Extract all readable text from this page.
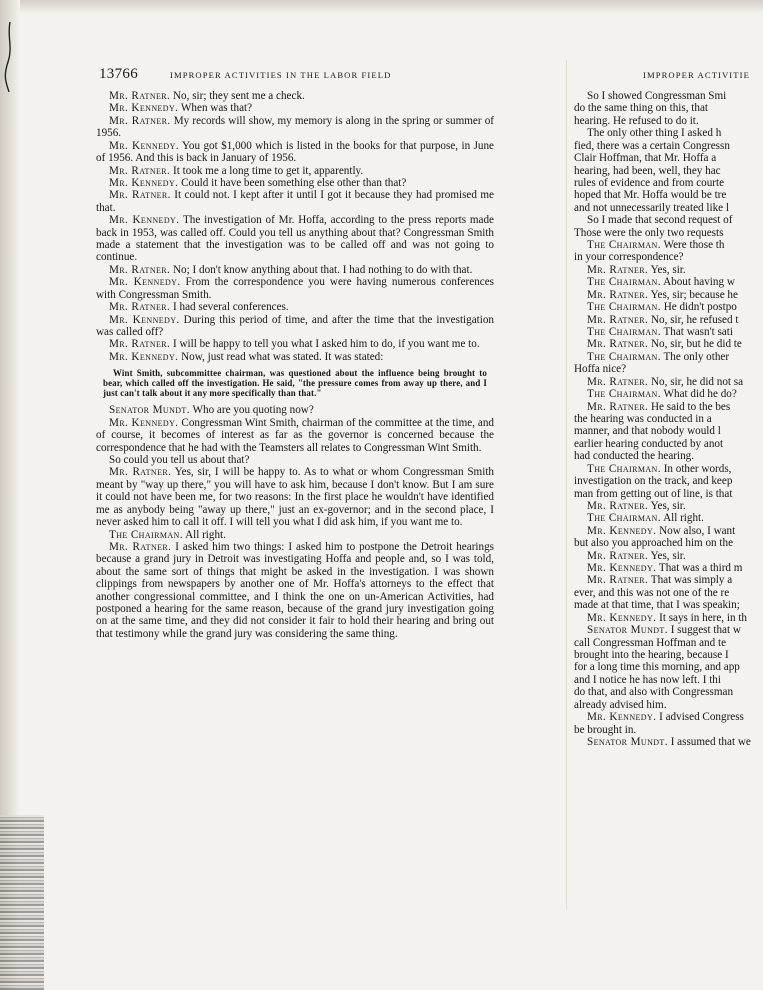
13766	IMPROPER ACTIVITIES IN THE LABOR FIELD	IMPROPER ACTIVITIE

Mr. Ratner. No, sir; they sent me a check.

Mr. Kennedy. When was that?

Mr. Ratner. My records will show, my memory is along in the spring or summer of 1956.

Mr. Kennedy. You got $1,000 which is listed in the books for that purpose, in June of 1956. And this is back in January of 1956.

Mr. Ratner. It took me a long time to get it, apparently.

Mr. Kennedy. Could it have been something else other than that?

Mr. Ratner. It could not. I kept after it until I got it because they had promised me that.

Mr. Kennedy. The investigation of Mr. Hoffa, according to the press reports made back in 1953, was called off. Could you tell us anything about that? Congressman Smith made a statement that the investigation was to be called off and was not going to continue.

Mr. Ratner. No; I don't know anything about that. I had nothing to do with that.

Mr. Kennedy. From the correspondence you were having numerous conferences with Congressman Smith.

Mr. Ratner. I had several conferences.

Mr. Kennedy. During this period of time, and after the time that the investigation was called off?

Mr. Ratner. I will be happy to tell you what I asked him to do, if you want me to.

Mr. Kennedy. Now, just read what was stated. It was stated:

Wint Smith, subcommittee chairman, was questioned about the influence being brought to bear, which called off the investigation. He said, "the pressure comes from away up there, and I just can't talk about it any more specifically than that."

Senator Mundt. Who are you quoting now?

Mr. Kennedy. Congressman Wint Smith, chairman of the committee at the time, and of course, it becomes of interest as far as the governor is concerned because the correspondence that he had with the Teamsters all relates to Congressman Wint Smith.

So could you tell us about that?

Mr. Ratner. Yes, sir, I will be happy to. As to what or whom Congressman Smith meant by "way up there," you will have to ask him, because I don't know. But I am sure it could not have been me, for two reasons: In the first place he wouldn't have identified me as anybody being "away up there," just an ex-governor; and in the second place, I never asked him to call it off. I will tell you what I did ask him, if you want me to.

The Chairman. All right.

Mr. Ratner. I asked him two things: I asked him to postpone the Detroit hearings because a grand jury in Detroit was investigating Hoffa and people and, so I was told, about the same sort of things that might be asked in the investigation. I was shown clippings from newspapers by another one of Mr. Hoffa's attorneys to the effect that another congressional committee, and I think the one on un-American Activities, had postponed a hearing for the same reason, because of the grand jury investigation going on at the same time, and they did not consider it fair to hold their hearing and bring out that testimony while the grand jury was considering the same thing.

So I showed Congressman Smi

do the same thing on this, that

hearing. He refused to do it.

The only other thing I asked h

fied, there was a certain Congressn

Clair Hoffman, that Mr. Hoffa a

hearing, had been, well, they hac

rules of evidence and from courte

hoped that Mr. Hoffa would be tre

and not unnecessarily treated like l

So I made that second request of

Those were the only two requests

The Chairman. Were those th

in your correspondence?

Mr. Ratner. Yes, sir.

The Chairman. About having w

Mr. Ratner. Yes, sir; because he

The Chairman. He didn't postpo

Mr. Ratner. No, sir, he refused t

The Chairman. That wasn't sati

Mr. Ratner. No, sir, but he did te

The Chairman. The only other

Hoffa nice?

Mr. Ratner. No, sir, he did not sa

The Chairman. What did he do?

Mr. Ratner. He said to the bes

the hearing was conducted in a

manner, and that nobody would l

earlier hearing conducted by anot

had conducted the hearing.

The Chairman. In other words,

investigation on the track, and keep

man from getting out of line, is that

Mr. Ratner. Yes, sir.

The Chairman. All right.

Mr. Kennedy. Now also, I want

but also you approached him on the

Mr. Ratner. Yes, sir.

Mr. Kennedy. That was a third m

Mr. Ratner. That was simply a

ever, and this was not one of the re

made at that time, that I was speakin;

Mr. Kennedy. It says in here, in th

Senator Mundt. I suggest that w

call Congressman Hoffman and te

brought into the hearing, because I

for a long time this morning, and app

and I notice he has now left. I thi

do that, and also with Congressman

already advised him.

Mr. Kennedy. I advised Congress

be brought in.

Senator Mundt. I assumed that we
